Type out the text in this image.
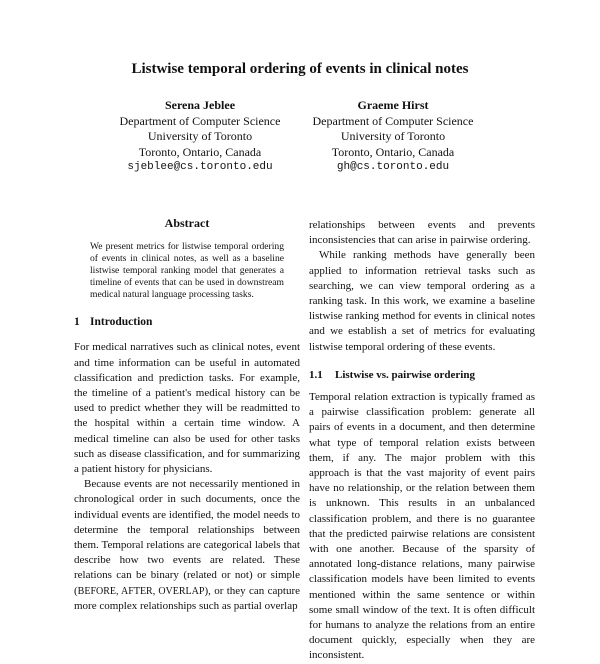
Listwise temporal ordering of events in clinical notes
Serena Jeblee
Department of Computer Science
University of Toronto
Toronto, Ontario, Canada
sjeblee@cs.toronto.edu
Graeme Hirst
Department of Computer Science
University of Toronto
Toronto, Ontario, Canada
gh@cs.toronto.edu
Abstract

We present metrics for listwise temporal ordering of events in clinical notes, as well as a baseline listwise temporal ranking model that generates a timeline of events that can be used in downstream medical natural language processing tasks.

1 Introduction

For medical narratives such as clinical notes, event and time information can be useful in automated classification and prediction tasks. For example, the timeline of a patient's medical history can be used to predict whether they will be readmitted to the hospital within a certain time window. A medical timeline can also be used for other tasks such as disease classification, and for summarizing a patient history for physicians.

Because events are not necessarily mentioned in chronological order in such documents, once the individual events are identified, the model needs to determine the temporal relationships between them. Temporal relations are categorical labels that describe how two events are related. These relations can be binary (related or not) or simple (BEFORE, AFTER, OVERLAP), or they can capture more complex relationships such as partial overlap

relationships between events and prevents inconsistencies that can arise in pairwise ordering.

While ranking methods have generally been applied to information retrieval tasks such as searching, we can view temporal ordering as a ranking task. In this work, we examine a baseline listwise ranking method for events in clinical notes and we establish a set of metrics for evaluating listwise temporal ordering of these events.

1.1 Listwise vs. pairwise ordering

Temporal relation extraction is typically framed as a pairwise classification problem: generate all pairs of events in a document, and then determine what type of temporal relation exists between them, if any. The major problem with this approach is that the vast majority of event pairs have no relationship, or the relation between them is unknown. This results in an unbalanced classification problem, and there is no guarantee that the predicted pairwise relations are consistent with one another. Because of the sparsity of annotated long-distance relations, many pairwise classification models have been limited to events mentioned within the same sentence or within some small window of the text. It is often difficult for humans to analyze the relations from an entire document quickly, especially when they are inconsistent.
